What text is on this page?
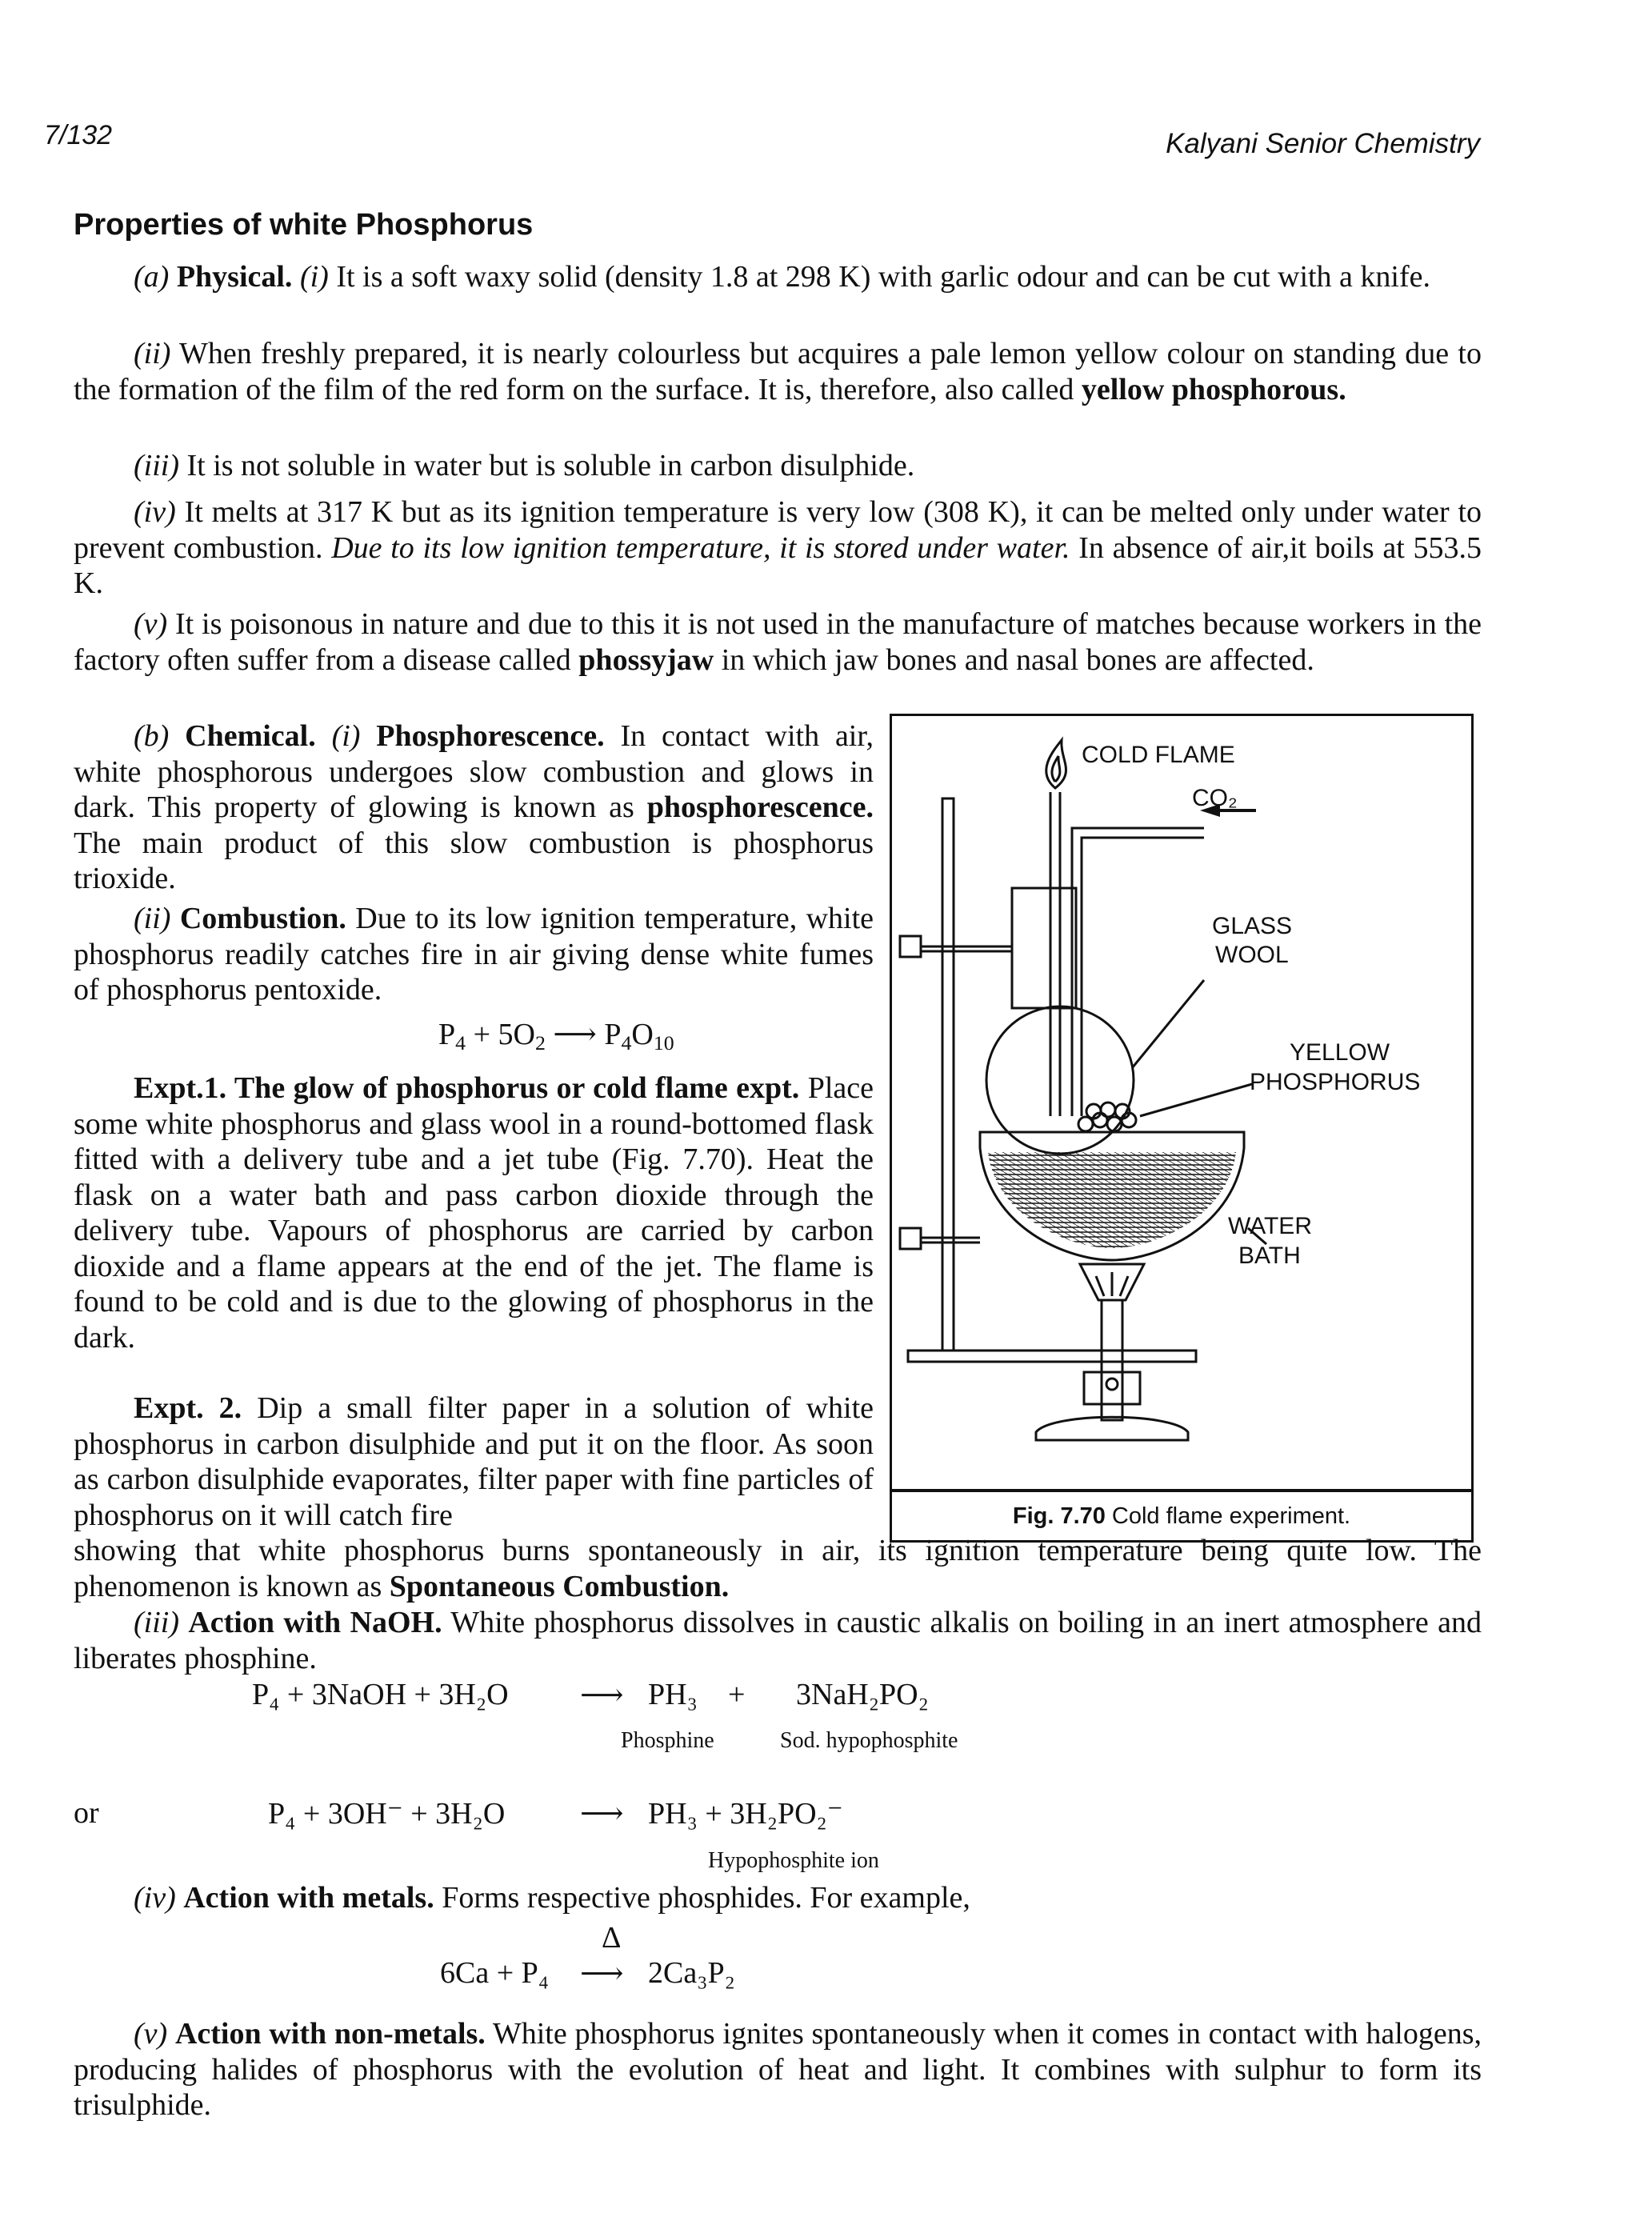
7/132	Kalyani Senior Chemistry
Properties of white Phosphorus

(a) Physical. (i) It is a soft waxy solid (density 1.8 at 298 K) with garlic odour and can be cut with a knife.

(ii) When freshly prepared, it is nearly colourless but acquires a pale lemon yellow colour on standing due to the formation of the film of the red form on the surface. It is, therefore, also called yellow phosphorous.

(iii) It is not soluble in water but is soluble in carbon disulphide.

(iv) It melts at 317 K but as its ignition temperature is very low (308 K), it can be melted only under water to prevent combustion. Due to its low ignition temperature, it is stored under water. In absence of air,it boils at 553.5 K.

(v) It is poisonous in nature and due to this it is not used in the manufacture of matches because workers in the factory often suffer from a disease called phossyjaw in which jaw bones and nasal bones are affected.

(b) Chemical. (i) Phosphorescence. In contact with air, white phosphorous undergoes slow combustion and glows in dark. This property of glowing is known as phosphorescence. The main product of this slow combustion is phosphorus trioxide.

(ii) Combustion. Due to its low ignition temperature, white phosphorus readily catches fire in air giving dense white fumes of phosphorus pentoxide.

$P_4 + 5O_2$ ⟶ $P_4O_{10}$

Expt.1. The glow of phosphorus or cold flame expt. Place some white phosphorus and glass wool in a round-bottomed flask fitted with a delivery tube and a jet tube (Fig. 7.70). Heat the flask on a water bath and pass carbon dioxide through the delivery tube. Vapours of phosphorus are carried by carbon dioxide and a flame appears at the end of the jet. The flame is found to be cold and is due to the glowing of phosphorus in the dark.

Expt. 2. Dip a small filter paper in a solution of white phosphorus in carbon disulphide and put it on the floor. As soon as carbon disulphide evaporates, filter paper with fine particles of phosphorus on it will catch fire

showing that white phosphorus burns spontaneously in air, its ignition temperature being quite low. The phenomenon is known as Spontaneous Combustion.

(iii) Action with NaOH. White phosphorus dissolves in caustic alkalis on boiling in an inert atmosphere and liberates phosphine.

P₄ + 3NaOH + 3H₂O ⟶ PH₃ + 3NaH₂PO₂
Phosphine	Sod. hypophosphite
or	P₄ + 3OH⁻ + 3H₂O ⟶ PH₃ + 3H₂PO₂⁻
Hypophosphite ion

(iv) Action with metals. Forms respective phosphides. For example,

Δ
6Ca + P₄ ⟶ 2Ca₃P₂

(v) Action with non-metals. White phosphorus ignites spontaneously when it comes in contact with halogens, producing halides of phosphorus with the evolution of heat and light. It combines with sulphur to form its trisulphide.

COLD FLAME
CO₂
GLASS
WOOL
YELLOW
PHOSPHORUS
WATER
BATH
Fig. 7.70 Cold flame experiment.
